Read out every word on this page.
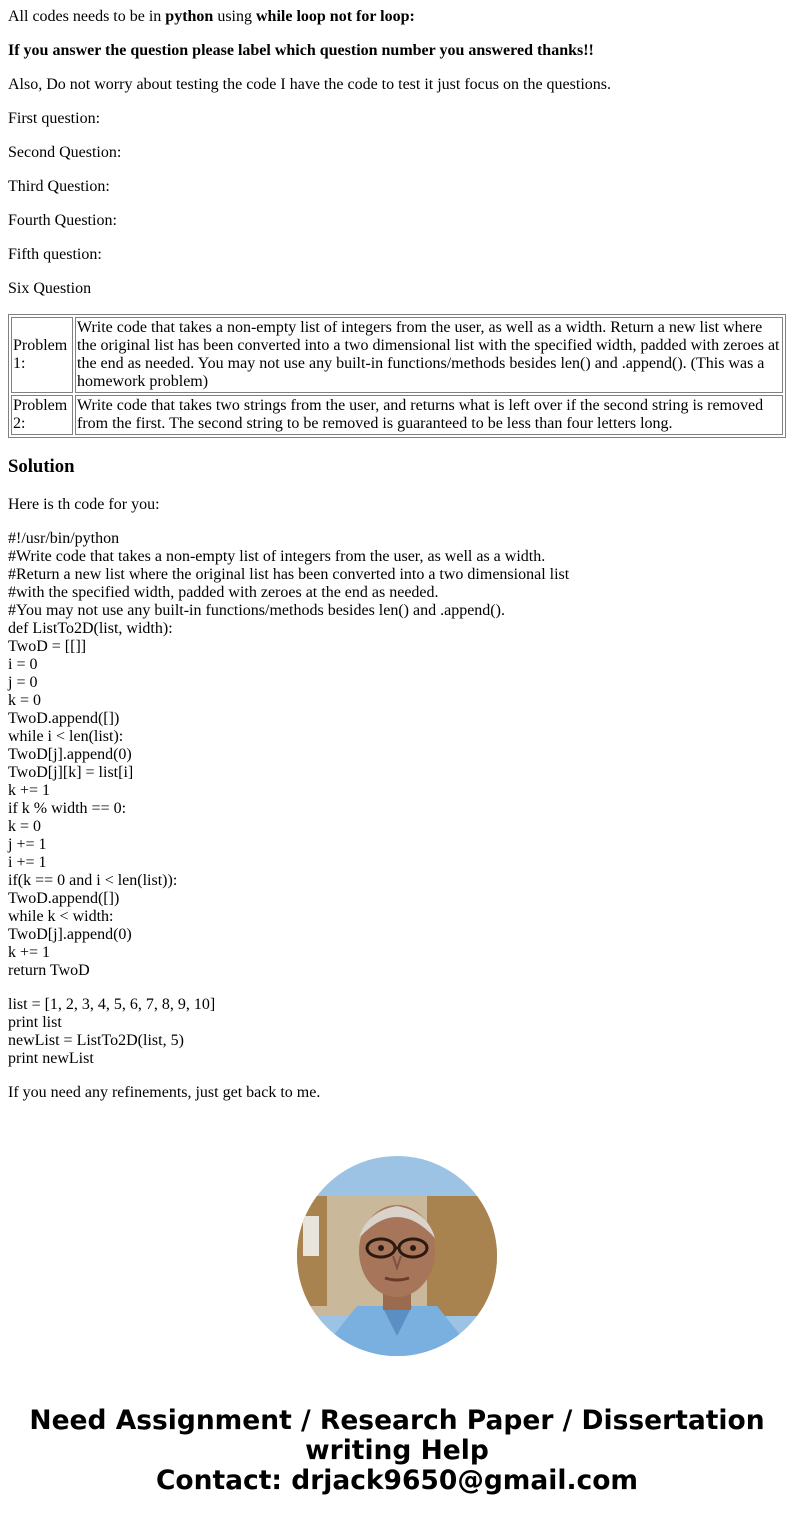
All codes needs to be in python using while loop not for loop:

If you answer the question please label which question number you answered thanks!!

Also, Do not worry about testing the code I have the code to test it just focus on the questions.

First question:

Second Question:

Third Question:

Fourth Question:

Fifth question:

Six Question

Problem 1:	Write code that takes a non-empty list of integers from the user, as well as a width. Return a new list where the original list has been converted into a two dimensional list with the specified width, padded with zeroes at the end as needed. You may not use any built-in functions/methods besides len() and .append(). (This was a homework problem)
Problem 2:	Write code that takes two strings from the user, and returns what is left over if the second string is removed from the first. The second string to be removed is guaranteed to be less than four letters long.
Solution

Here is th code for you:

#!/usr/bin/python
#Write code that takes a non-empty list of integers from the user, as well as a width.
#Return a new list where the original list has been converted into a two dimensional list
#with the specified width, padded with zeroes at the end as needed.
#You may not use any built-in functions/methods besides len() and .append().
def ListTo2D(list, width):
TwoD = [[]]
i = 0
j = 0
k = 0
TwoD.append([])
while i < len(list):
TwoD[j].append(0)
TwoD[j][k] = list[i]
k += 1
if k % width == 0:
k = 0
j += 1
i += 1
if(k == 0 and i < len(list)):
TwoD.append([])
while k < width:
TwoD[j].append(0)
k += 1
return TwoD
list = [1, 2, 3, 4, 5, 6, 7, 8, 9, 10]
print list
newList = ListTo2D(list, 5)
print newList

If you need any refinements, just get back to me.

Need Assignment / Research Paper / Dissertation
writing Help
Contact: drjack9650@gmail.com
